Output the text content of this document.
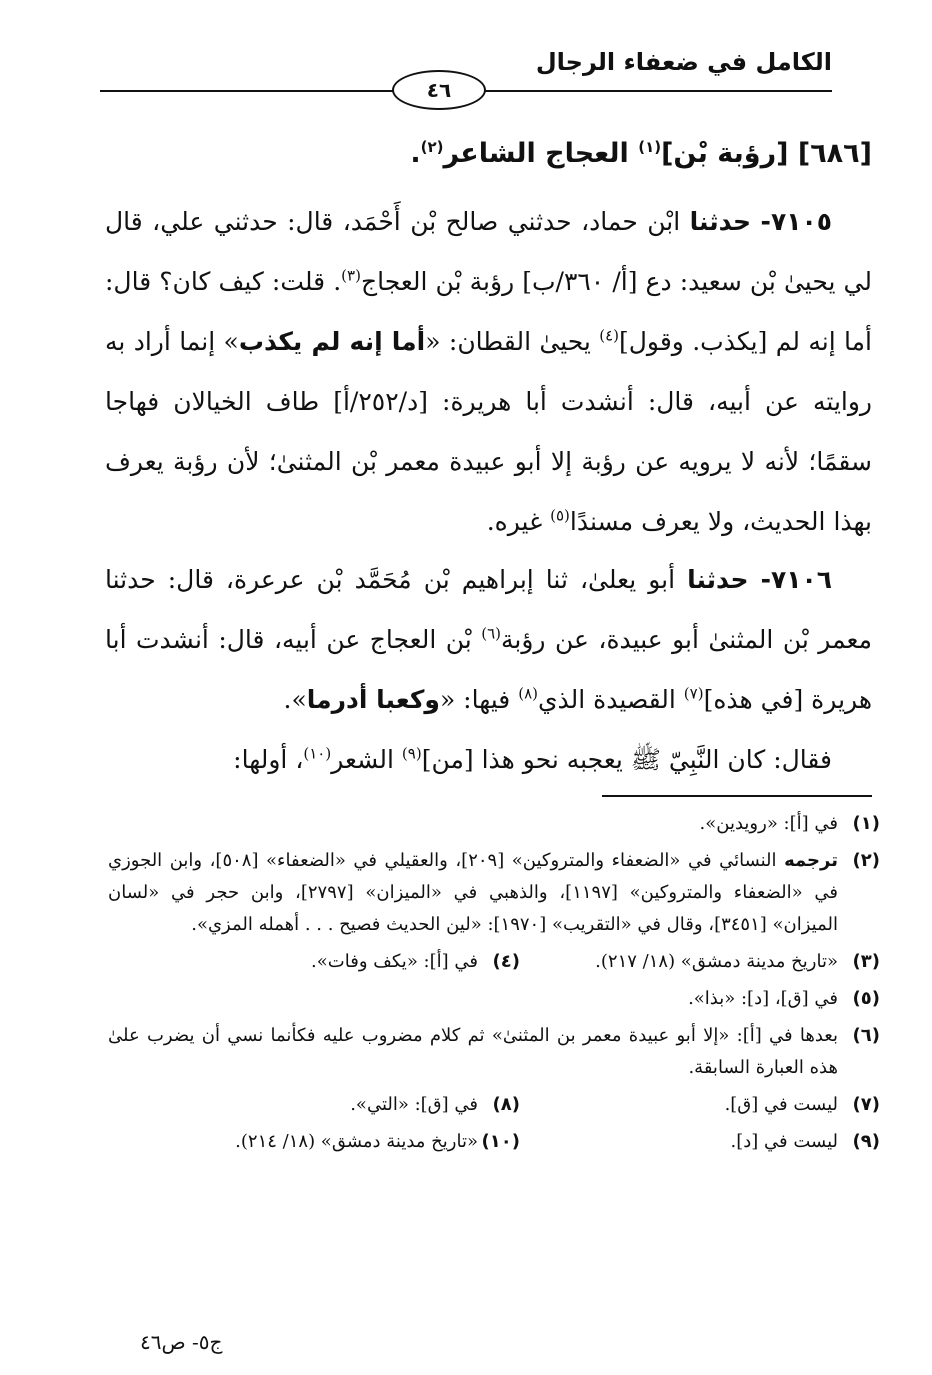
الكامل في ضعفاء الرجال
٤٦
[٦٨٦] [رؤبة بْن]$^{(١)}$ العجاج الشاعر$^{(٢)}$.

٧١٠٥- حدثنا ابْن حماد، حدثني صالح بْن أَحْمَد، قال: حدثني علي، قال لي يحيىٰ بْن سعيد: دع [أ/ ٣٦٠/ب] رؤبة بْن العجاج$^{(٣)}$. قلت: كيف كان؟ قال: أما إنه لم [يكذب. وقول]$^{(٤)}$ يحيىٰ القطان: «أما إنه لم يكذب» إنما أراد به روايته عن أبيه، قال: أنشدت أبا هريرة: [د/٢٥٢/أ] طاف الخيالان فهاجا سقمًا؛ لأنه لا يرويه عن رؤبة إلا أبو عبيدة معمر بْن المثنىٰ؛ لأن رؤبة يعرف بهذا الحديث، ولا يعرف مسندًا$^{(٥)}$ غيره.

٧١٠٦- حدثنا أبو يعلىٰ، ثنا إبراهيم بْن مُحَمَّد بْن عرعرة، قال: حدثنا معمر بْن المثنىٰ أبو عبيدة، عن رؤبة$^{(٦)}$ بْن العجاج عن أبيه، قال: أنشدت أبا هريرة [في هذه]$^{(٧)}$ القصيدة الذي$^{(٨)}$ فيها: «وكعبا أدرما».

فقال: كان النَّبِيّ ﷺ يعجبه نحو هذا [من]$^{(٩)}$ الشعر$^{(١٠)}$، أولها:

(١)
في [أ]: «رويدين».
(٢)
ترجمه النسائي في «الضعفاء والمتروكين» [٢٠٩]، والعقيلي في «الضعفاء» [٥٠٨]، وابن الجوزي في «الضعفاء والمتروكين» [١١٩٧]، والذهبي في «الميزان» [٢٧٩٧]، وابن حجر في «لسان الميزان» [٣٤٥١]، وقال في «التقريب» [١٩٧٠]: «لين الحديث فصيح . . . أهمله المزي».
(٣)
«تاريخ مدينة دمشق» (١٨/ ٢١٧).
(٤)
في [أ]: «يكف وفات».
(٥)
في [ق]، [د]: «بذا».
(٦)
بعدها في [أ]: «إلا أبو عبيدة معمر بن المثنىٰ» ثم كلام مضروب عليه فكأنما نسي أن يضرب علىٰ هذه العبارة السابقة.
(٧)
ليست في [ق].
(٨)
في [ق]: «التي».
(٩)
ليست في [د].
(١٠)
«تاريخ مدينة دمشق» (١٨/ ٢١٤).
ج٥- ص٤٦
